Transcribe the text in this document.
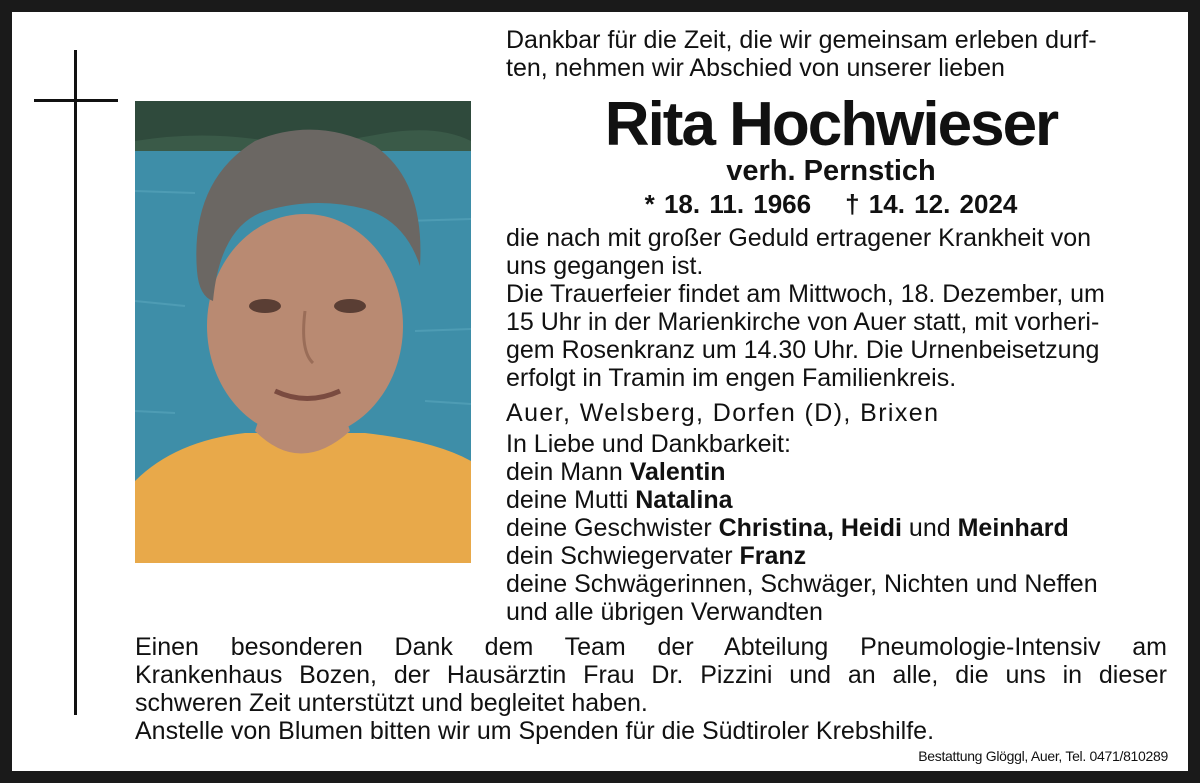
Dankbar für die Zeit, die wir gemeinsam erleben durf-
ten, nehmen wir Abschied von unserer lieben
Rita Hochwieser
verh. Pernstich
* 18. 11. 1966 † 14. 12. 2024
die nach mit großer Geduld ertragener Krankheit von
uns gegangen ist.
Die Trauerfeier findet am Mittwoch, 18. Dezember, um
15 Uhr in der Marienkirche von Auer statt, mit vorheri-
gem Rosenkranz um 14.30 Uhr. Die Urnenbeisetzung
erfolgt in Tramin im engen Familienkreis.
Auer, Welsberg, Dorfen (D), Brixen
In Liebe und Dankbarkeit:
dein Mann Valentin
deine Mutti Natalina
deine Geschwister Christina, Heidi und Meinhard
dein Schwiegervater Franz
deine Schwägerinnen, Schwäger, Nichten und Neffen
und alle übrigen Verwandten
Einen besonderen Dank dem Team der Abteilung Pneumologie-Intensiv am
Krankenhaus Bozen, der Hausärztin Frau Dr. Pizzini und an alle, die uns in dieser
schweren Zeit unterstützt und begleitet haben.
Anstelle von Blumen bitten wir um Spenden für die Südtiroler Krebshilfe.
Bestattung Glöggl, Auer, Tel. 0471/810289
